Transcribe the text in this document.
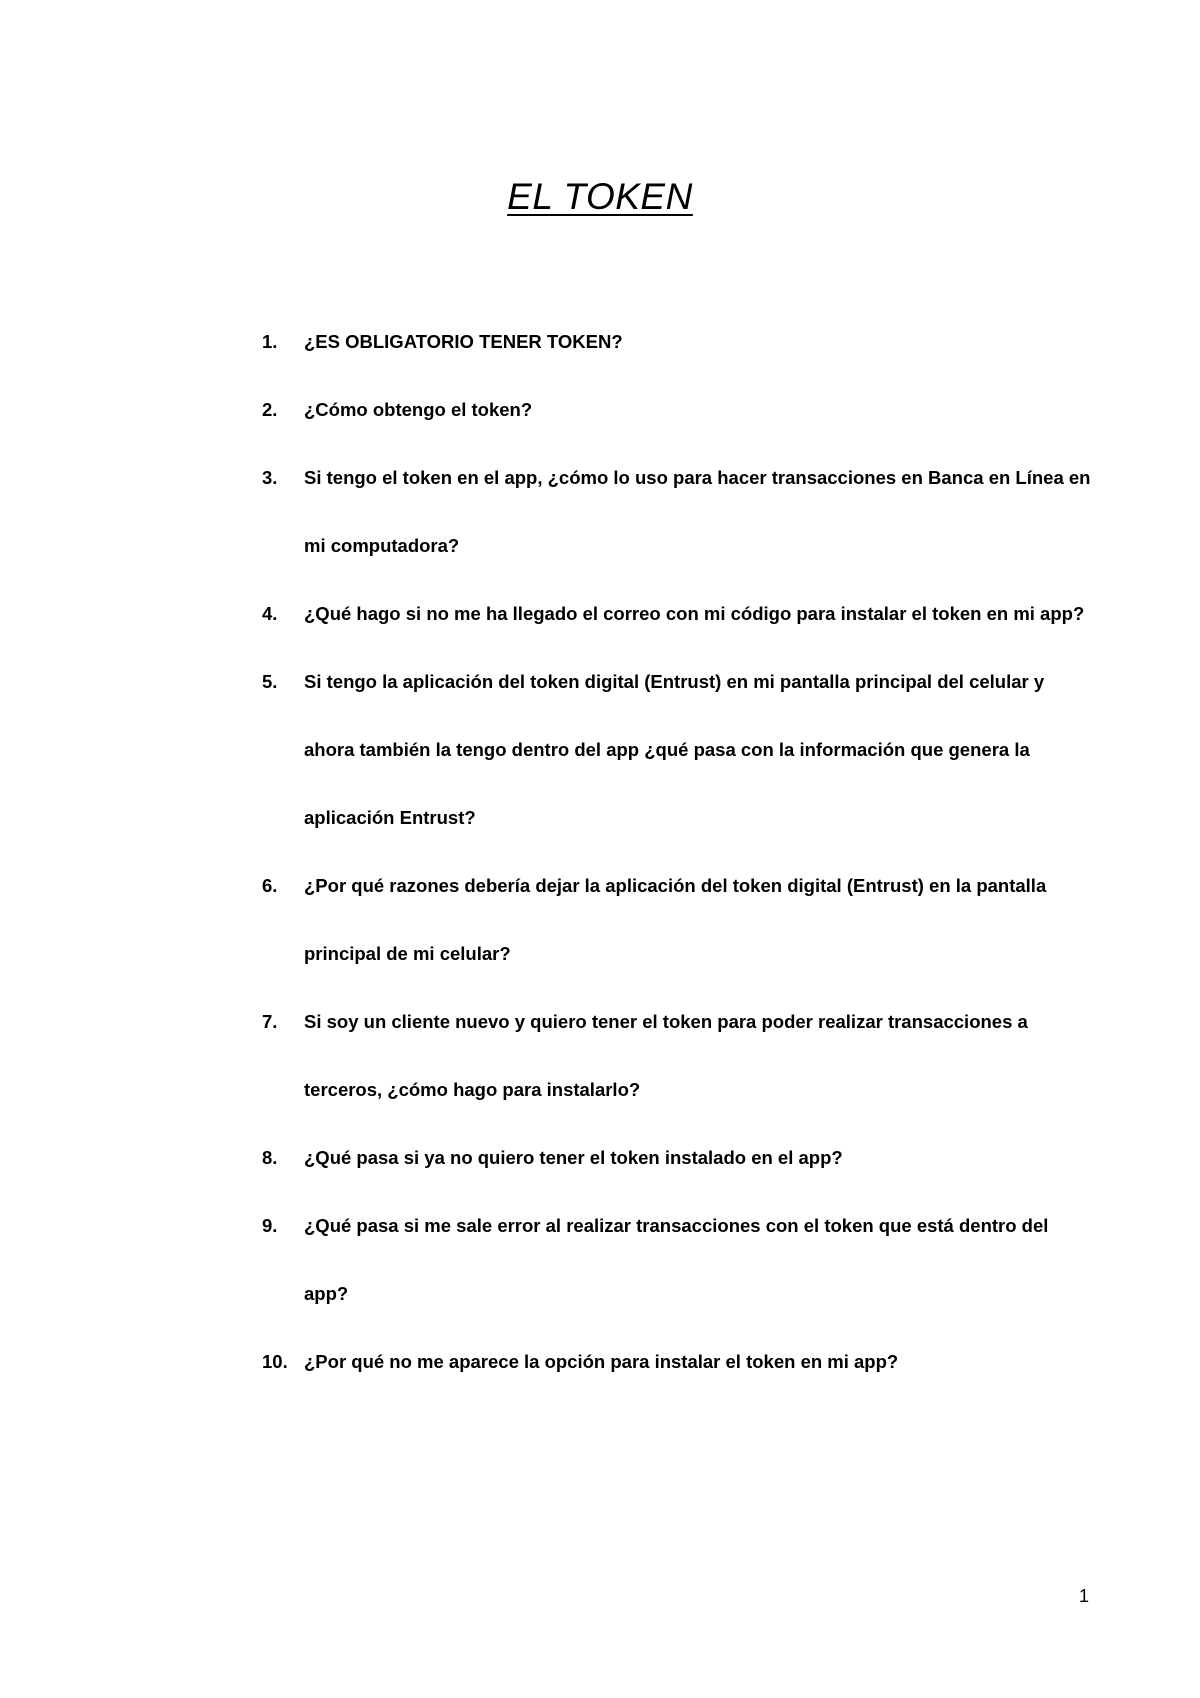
EL TOKEN
1.	¿ES OBLIGATORIO TENER TOKEN?
2.	¿Cómo obtengo el token?
3.	Si tengo el token en el app, ¿cómo lo uso para hacer transacciones en Banca en Línea en mi computadora?
4.	¿Qué hago si no me ha llegado el correo con mi código para instalar el token en mi app?
5.	Si tengo la aplicación del token digital (Entrust) en mi pantalla principal del celular y ahora también la tengo dentro del app ¿qué pasa con la información que genera la aplicación Entrust?
6.	¿Por qué razones debería dejar la aplicación del token digital (Entrust) en la pantalla principal de mi celular?
7.	Si soy un cliente nuevo y quiero tener el token para poder realizar transacciones a terceros, ¿cómo hago para instalarlo?
8.	¿Qué pasa si ya no quiero tener el token instalado en el app?
9.	¿Qué pasa si me sale error al realizar transacciones con el token que está dentro del app?
10. ¿Por qué no me aparece la opción para instalar el token en mi app?
1
